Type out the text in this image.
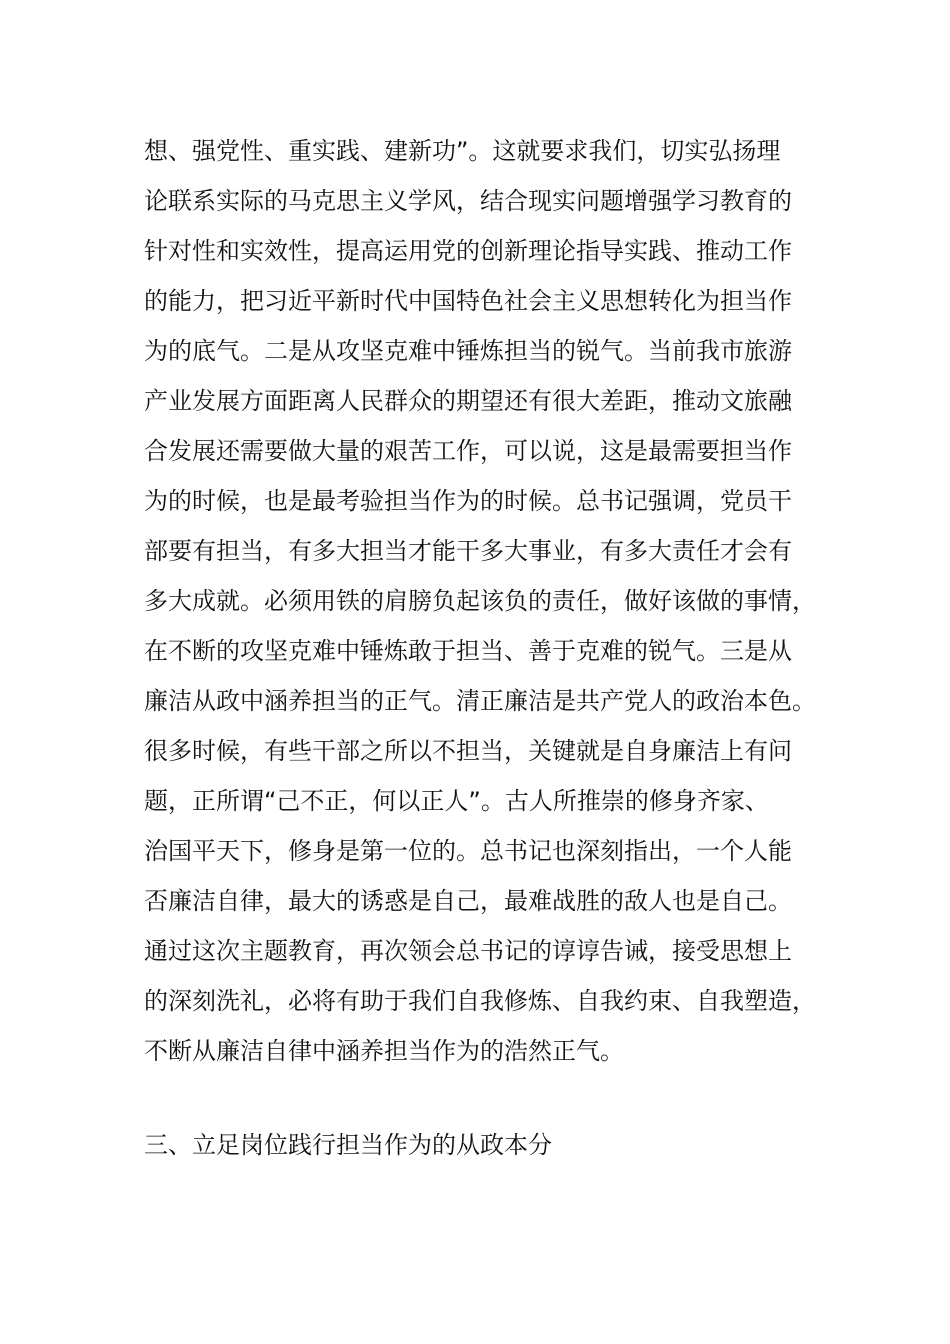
想、强党性、重实践、建新功”。这就要求我们，切实弘扬理
论联系实际的马克思主义学风，结合现实问题增强学习教育的
针对性和实效性，提高运用党的创新理论指导实践、推动工作
的能力，把习近平新时代中国特色社会主义思想转化为担当作
为的底气。二是从攻坚克难中锤炼担当的锐气。当前我市旅游
产业发展方面距离人民群众的期望还有很大差距，推动文旅融
合发展还需要做大量的艰苦工作，可以说，这是最需要担当作
为的时候，也是最考验担当作为的时候。总书记强调，党员干
部要有担当，有多大担当才能干多大事业，有多大责任才会有
多大成就。必须用铁的肩膀负起该负的责任，做好该做的事情，
在不断的攻坚克难中锤炼敢于担当、善于克难的锐气。三是从
廉洁从政中涵养担当的正气。清正廉洁是共产党人的政治本色。
很多时候，有些干部之所以不担当，关键就是自身廉洁上有问
题，正所谓“己不正，何以正人”。古人所推崇的修身齐家、
治国平天下，修身是第一位的。总书记也深刻指出，一个人能
否廉洁自律，最大的诱惑是自己，最难战胜的敌人也是自己。
通过这次主题教育，再次领会总书记的谆谆告诫，接受思想上
的深刻洗礼，必将有助于我们自我修炼、自我约束、自我塑造，
不断从廉洁自律中涵养担当作为的浩然正气。
三、立足岗位践行担当作为的从政本分
